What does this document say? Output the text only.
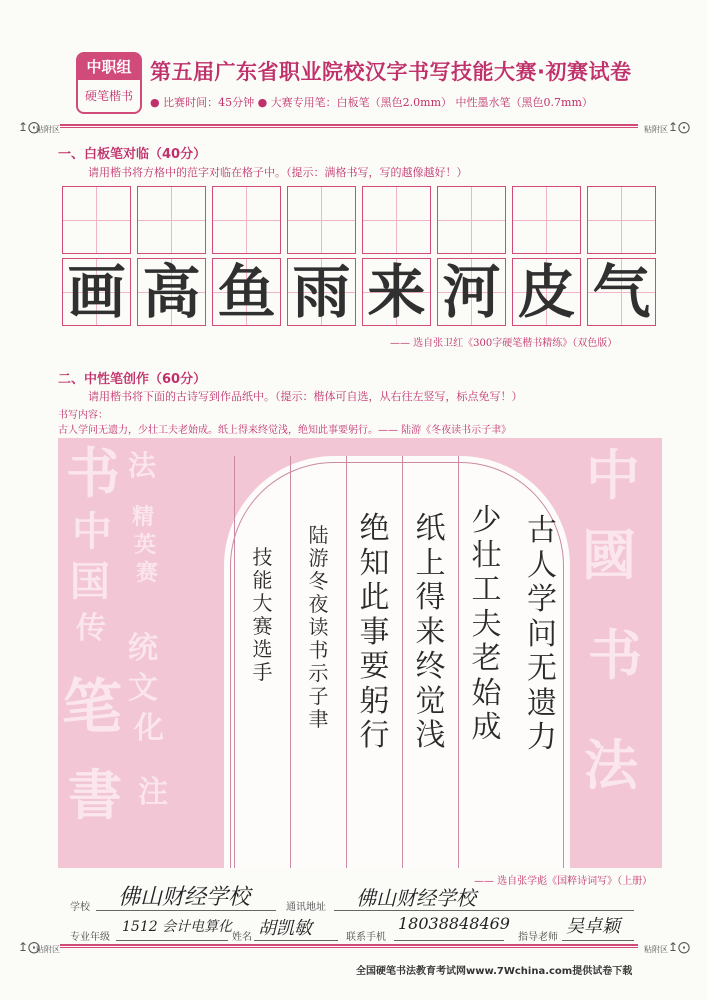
中职组
硬笔楷书
第五届广东省职业院校汉字书写技能大赛·初赛试卷
● 比赛时间：45分钟 ● 大赛专用笔：白板笔（黑色2.0mm） 中性墨水笔（黑色0.7mm）
↥⨀
粘附区	粘附区 ↥⨀
一、白板笔对临（40分）
请用楷书将方格中的范字对临在格子中。（提示：满格书写，写的越像越好！）
画 高 鱼 雨 来 河 皮 气
—— 选自张卫红《300字硬笔楷书精练》（双色版）
二、中性笔创作（60分）
请用楷书将下面的古诗写到作品纸中。（提示：楷体可自选，从右往左竖写，标点免写！）
书写内容：
古人学问无遗力，少壮工夫老始成。纸上得来终觉浅，绝知此事要躬行。—— 陆游《冬夜读书示子聿》
书 法
中
国
精
英
赛
传
统
文
化
笔
書 注
中
國
书
法
古
人
学
问
无
遗
力
少
壮
工
夫
老
始
成
纸
上
得
来
终
觉
浅
绝
知
此
事
要
躬
行
陆
游
冬
夜
读
书
示
子
聿
技
能
大
赛
选
手
—— 选自张学彪《国粹诗词写》（上册）
学校 佛山财经学校	通讯地址 佛山财经学校
专业年级
1512 会计电算化
姓名 胡凯敏	联系手机
18038848469
指导老师
吴卓颖
↥⨀
粘附区	粘附区 ↥⨀
全国硬笔书法教育考试网www.7Wchina.com提供试卷下载
